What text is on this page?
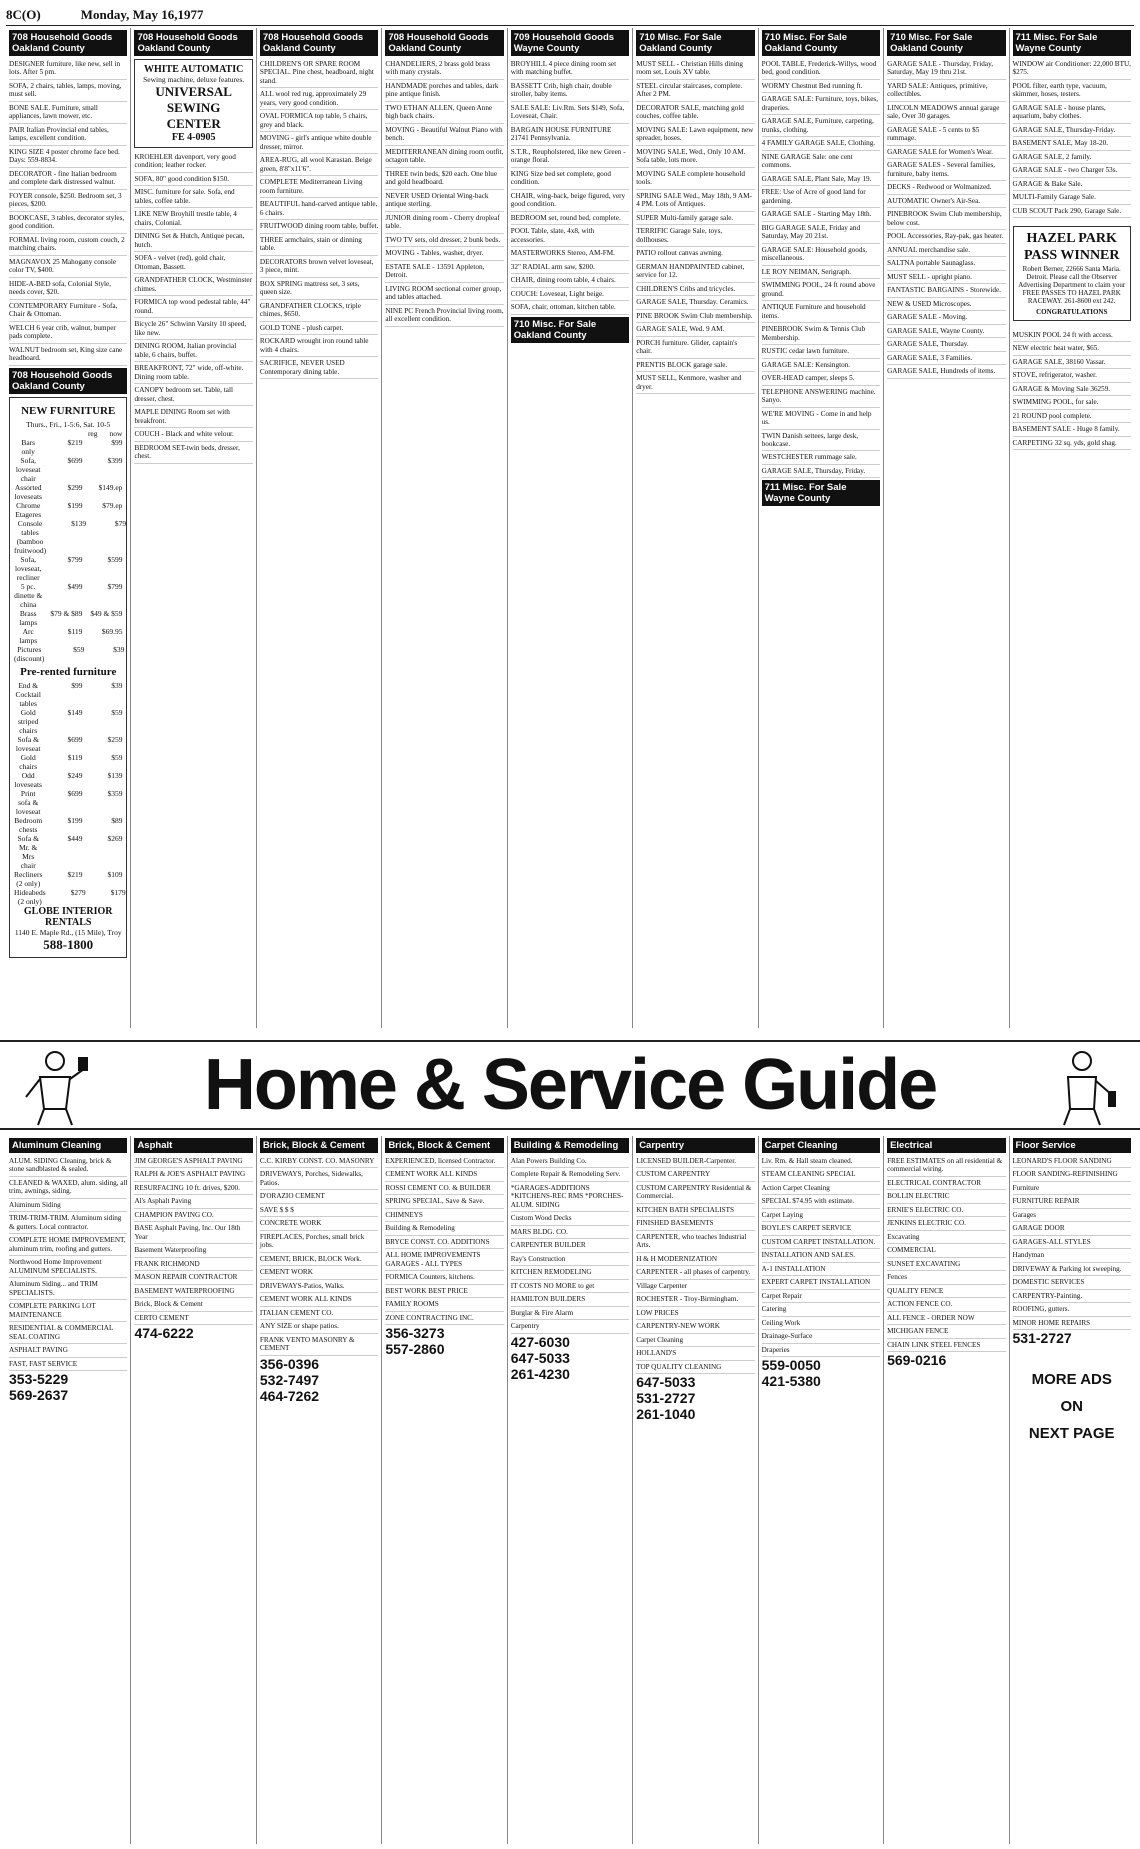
8C(O)	Monday, May 16,1977
708 Household Goods Oakland County
DESIGNER furniture, like new, sell in lots. After 5 pm.
SOFA, 2 chairs, tables, lamps, moving, must sell.
BONE SALE. Furniture, small appliances, lawn mower, etc.
PAIR Italian Provincial end tables, lamps, excellent condition.
KING SIZE 4 poster chrome face bed. Days: 559-8834.
DECORATOR - fine Italian bedroom and complete dark distressed walnut.
FOYER console, $250. Bedroom set, 3 pieces, $200.
BOOKCASE, 3 tables, decorator styles, good condition.
FORMAL living room, custom couch, 2 matching chairs.
MAGNAVOX 25 Mahogany console color TV, $400.
HIDE-A-BED sofa, Colonial Style, needs cover, $20.
CONTEMPORARY Furniture - Sofa, Chair & Ottoman.
WELCH 6 year crib, walnut, bumper pads complete.
WALNUT bedroom set, King size cane headboard.
708 Household Goods Oakland County
NEW FURNITURE
Thurs., Fri., 1-5:6, Sat. 10-5
reg now
Bars only
$219	$99
Sofa, loveseat chair
$699	$399
Assorted loveseats
$299	$149.ep
Chrome Etageres
$199	$79.ep
Console tables (bamboo fruitwood)
$139	$79
Sofa, loveseat, recliner
$799	$599
5 pc. dinette & china
$499	$799
Brass lamps
$79 & $89	$49 & $59
Arc lamps
$119	$69.95
Pictures (discount)
$59	$39
Pre-rented furniture
End & Cocktail tables
$99	$39
Gold striped chairs
$149	$59
Sofa & loveseat
$699	$259
Gold chairs
$119	$59
Odd loveseats
$249	$139
Print sofa & loveseat
$699	$359
Bedroom chests
$199	$89
Sofa & Mr. & Mrs chair
$449	$269
Recliners (2 only)
$219	$109
Hideabeds (2 only)
$279	$179
GLOBE INTERIOR RENTALS
1140 E. Maple Rd., (15 Mile), Troy
588-1800
708 Household Goods Oakland County
WHITE AUTOMATIC
Sewing machine, deluxe features.
UNIVERSAL SEWING CENTER
FE 4-0905
KROEHLER davenport, very good condition; leather rocker.
SOFA, 80" good condition $150.
MISC. furniture for sale. Sofa, end tables, coffee table.
LIKE NEW Broyhill trestle table, 4 chairs, Colonial.
DINING Set & Hutch, Antique pecan, hutch.
SOFA - velvet (red), gold chair, Ottoman, Bassett.
GRANDFATHER CLOCK, Westminster chimes.
FORMICA top wood pedestal table, 44" round.
Bicycle 26" Schwinn Varsity 10 speed, like new.
DINING ROOM, Italian provincial table, 6 chairs, buffet.
BREAKFRONT, 72" wide, off-white. Dining room table.
CANOPY bedroom set. Table, tall dresser, chest.
MAPLE DINING Room set with breakfront.
COUCH - Black and white velour.
BEDROOM SET-twin beds, dresser, chest.
708 Household Goods Oakland County
CHILDREN'S OR SPARE ROOM SPECIAL. Pine chest, headboard, night stand.
ALL wool red rug, approximately 29 years, very good condition.
OVAL FORMICA top table, 5 chairs, grey and black.
MOVING - girl's antique white double dresser, mirror.
AREA-RUG, all wool Karastan. Beige green, 8'8"x11'6".
COMPLETE Mediterranean Living room furniture.
BEAUTIFUL hand-carved antique table, 6 chairs.
FRUITWOOD dining room table, buffet.
THREE armchairs, stain or dinning table.
DECORATORS brown velvet loveseat, 3 piece, mint.
BOX SPRING mattress set, 3 sets, queen size.
GRANDFATHER CLOCKS, triple chimes, $650.
GOLD TONE - plush carpet.
ROCKARD wrought iron round table with 4 chairs.
SACRIFICE, NEVER USED Contemporary dining table.
708 Household Goods Oakland County
CHANDELIERS, 2 brass gold brass with many crystals.
HANDMADE porches and tables, dark pine antique finish.
TWO ETHAN ALLEN, Queen Anne high back chairs.
MOVING - Beautiful Walnut Piano with bench.
MEDITERRANEAN dining room outfit, octagon table.
THREE twin beds, $20 each. One blue and gold headboard.
NEVER USED Oriental Wing-back antique sterling.
JUNIOR dining room - Cherry dropleaf table.
TWO TV sets, old dresser, 2 bunk beds.
MOVING - Tables, washer, dryer.
ESTATE SALE - 13591 Appleton, Detroit.
LIVING ROOM sectional corner group, and tables attached.
NINE PC French Provincial living room, all excellent condition.
709 Household Goods Wayne County
BROYHILL 4 piece dining room set with matching buffet.
BASSETT Crib, high chair, double stroller, baby items.
SALE SALE: Liv.Rm. Sets $149, Sofa, Loveseat, Chair.
BARGAIN HOUSE FURNITURE 21741 Pennsylvania.
S.T.R., Reupholstered, like new Green - orange floral.
KING Size bed set complete, good condition.
CHAIR, wing-back, beige figured, very good condition.
BEDROOM set, round bed, complete.
POOL Table, slate, 4x8, with accessories.
MASTERWORKS Stereo, AM-FM.
32" RADIAL arm saw, $200.
CHAIR, dining room table, 4 chairs.
COUCH: Loveseat, Light beige.
SOFA, chair, ottoman, kitchen table.
710 Misc. For Sale Oakland County
710 Misc. For Sale Oakland County
MUST SELL - Christian Hills dining room set, Louis XV table.
STEEL circular staircases, complete. After 2 PM.
DECORATOR SALE, matching gold couches, coffee table.
MOVING SALE: Lawn equipment, new spreader, hoses.
MOVING SALE, Wed., Only 10 AM. Sofa table, lots more.
MOVING SALE complete household tools.
SPRING SALE Wed., May 18th, 9 AM-4 PM. Lots of Antiques.
SUPER Multi-family garage sale.
TERRIFIC Garage Sale, toys, dollhouses.
PATIO rollout canvas awning.
GERMAN HANDPAINTED cabinet, service for 12.
CHILDREN'S Cribs and tricycles.
GARAGE SALE, Thursday. Ceramics.
PINE BROOK Swim Club membership.
GARAGE SALE, Wed. 9 AM.
PORCH furniture. Glider, captain's chair.
PRENTIS BLOCK garage sale.
MUST SELL, Kenmore, washer and dryer.
710 Misc. For Sale Oakland County
POOL TABLE, Frederick-Willys, wood bed, good condition.
WORMY Chestnut Bed running ft.
GARAGE SALE: Furniture, toys, bikes, draperies.
GARAGE SALE, Furniture, carpeting, trunks, clothing.
4 FAMILY GARAGE SALE, Clothing.
NINE GARAGE Sale: one cent commons.
GARAGE SALE, Plant Sale, May 19.
FREE: Use of Acre of good land for gardening.
GARAGE SALE - Starting May 18th.
BIG GARAGE SALE, Friday and Saturday, May 20 21st.
GARAGE SALE: Household goods, miscellaneous.
LE ROY NEIMAN, Serigraph.
SWIMMING POOL, 24 ft round above ground.
ANTIQUE Furniture and household items.
PINEBROOK Swim & Tennis Club Membership.
RUSTIC cedar lawn furniture.
GARAGE SALE: Kensington.
OVER-HEAD camper, sleeps 5.
TELEPHONE ANSWERING machine. Sanyo.
WE'RE MOVING - Come in and help us.
TWIN Danish settees, large desk, bookcase.
WESTCHESTER rummage sale.
GARAGE SALE, Thursday, Friday.
711 Misc. For Sale Wayne County
710 Misc. For Sale Oakland County
GARAGE SALE - Thursday, Friday, Saturday, May 19 thru 21st.
YARD SALE: Antiques, primitive, collectibles.
LINCOLN MEADOWS annual garage sale, Over 30 garages.
GARAGE SALE - 5 cents to $5 rummage.
GARAGE SALE for Women's Wear.
GARAGE SALES - Several families, furniture, baby items.
DECKS - Redwood or Wolmanized.
AUTOMATIC Owner's Air-Sea.
PINEBROOK Swim Club membership, below cost.
POOL Accessories, Ray-pak, gas heater.
ANNUAL merchandise sale.
SALTNA portable Saunaglass.
MUST SELL - upright piano.
FANTASTIC BARGAINS - Storewide.
NEW & USED Microscopes.
GARAGE SALE - Moving.
GARAGE SALE, Wayne County.
GARAGE SALE, Thursday.
GARAGE SALE, 3 Families.
GARAGE SALE, Hundreds of items.
711 Misc. For Sale Wayne County
WINDOW air Conditioner: 22,000 BTU, $275.
POOL filter, earth type, vacuum, skimmer, hoses, testers.
GARAGE SALE - house plants, aquarium, baby clothes.
GARAGE SALE, Thursday-Friday.
BASEMENT SALE, May 18-20.
GARAGE SALE, 2 family.
GARAGE SALE - two Charger 53s.
GARAGE & Bake Sale.
MULTI-Family Garage Sale.
CUB SCOUT Pack 290, Garage Sale.
HAZEL PARK PASS WINNER
Robert Berner, 22666 Santa Maria. Detroit. Please call the Observer Advertising Department to claim your FREE PASSES TO HAZEL PARK RACEWAY. 261-8600 ext 242.
CONGRATULATIONS
MUSKIN POOL 24 ft with access.
NEW electric heat water, $65.
GARAGE SALE, 38160 Vassar.
STOVE, refrigerator, washer.
GARAGE & Moving Sale 36259.
SWIMMING POOL, for sale.
21 ROUND pool complete.
BASEMENT SALE - Huge 8 family.
CARPETING 32 sq. yds, gold shag.
Home & Service Guide
Aluminum Cleaning
ALUM. SIDING Cleaning, brick & stone sandblasted & sealed.
CLEANED & WAXED, alum. siding, all trim, awnings, siding.
Aluminum Siding
TRIM-TRIM-TRIM. Aluminum siding & gutters. Local contractor.
COMPLETE HOME IMPROVEMENT, aluminum trim, roofing and gutters.
Northwood Home Improvement ALUMINUM SPECIALISTS.
Aluminum Siding... and TRIM SPECIALISTS.
COMPLETE PARKING LOT MAINTENANCE
RESIDENTIAL & COMMERCIAL SEAL COATING
ASPHALT PAVING
FAST, FAST SERVICE
353-5229
569-2637
Asphalt
JIM GEORGE'S ASPHALT PAVING
RALPH & JOE'S ASPHALT PAVING
RESURFACING 10 ft. drives, $200.
Al's Asphalt Paving
CHAMPION PAVING CO.
BASE Asphalt Paving, Inc. Our 18th Year
Basement Waterproofing
FRANK RICHMOND
MASON REPAIR CONTRACTOR
BASEMENT WATERPROOFING
Brick, Block & Cement
CERTO CEMENT
474-6222
Brick, Block & Cement
C.C. KIRBY CONST. CO. MASONRY
DRIVEWAYS, Porches, Sidewalks, Patios.
D'ORAZIO CEMENT
SAVE $ $ $
CONCRETE WORK
FIREPLACES, Porches, small brick jobs.
CEMENT, BRICK, BLOCK Work.
CEMENT WORK
DRIVEWAYS-Patios, Walks.
CEMENT WORK ALL KINDS
ITALIAN CEMENT CO.
ANY SIZE or shape patios.
FRANK VENTO MASONRY & CEMENT
356-0396
532-7497
464-7262
Brick, Block & Cement
EXPERIENCED, licensed Contractor.
CEMENT WORK ALL KINDS
ROSSI CEMENT CO. & BUILDER
SPRING SPECIAL, Save & Save.
CHIMNEYS
Building & Remodeling
BRYCE CONST. CO. ADDITIONS
ALL HOME IMPROVEMENTS GARAGES - ALL TYPES
FORMICA Counters, kitchens.
BEST WORK BEST PRICE
FAMILY ROOMS
ZONE CONTRACTING INC.
356-3273
557-2860
Building & Remodeling
Alan Powers Building Co.
Complete Repair & Remodeling Serv.
*GARAGES-ADDITIONS *KITCHENS-REC RMS *PORCHES-ALUM. SIDING
Custom Wood Decks
MARS BLDG. CO.
CARPENTER BUILDER
Ray's Construction
KITCHEN REMODELING
IT COSTS NO MORE to get
HAMILTON BUILDERS
Burglar & Fire Alarm
Carpentry
427-6030
647-5033
261-4230
Carpentry
LICENSED BUILDER-Carpenter.
CUSTOM CARPENTRY
CUSTOM CARPENTRY Residential & Commercial.
KITCHEN BATH SPECIALISTS
FINISHED BASEMENTS
CARPENTER, who teaches Industrial Arts.
H & H MODERNIZATION
CARPENTER - all phases of carpentry.
Village Carpenter
ROCHESTER - Troy-Birmingham.
LOW PRICES
CARPENTRY-NEW WORK
Carpet Cleaning
HOLLAND'S
TOP QUALITY CLEANING
647-5033
531-2727
261-1040
Carpet Cleaning
Liv. Rm. & Hall steam cleaned.
STEAM CLEANING SPECIAL
Action Carpet Cleaning
SPECIAL $74.95 with estimate.
Carpet Laying
BOYLE'S CARPET SERVICE
CUSTOM CARPET INSTALLATION.
INSTALLATION AND SALES.
A-1 INSTALLATION
EXPERT CARPET INSTALLATION
Carpet Repair
Catering
Ceiling Work
Drainage-Surface
Draperies
559-0050
421-5380
Electrical
FREE ESTIMATES on all residential & commercial wiring.
ELECTRICAL CONTRACTOR
BOLLIN ELECTRIC
ERNIE'S ELECTRIC CO.
JENKINS ELECTRIC CO.
Excavating
COMMERCIAL
SUNSET EXCAVATING
Fences
QUALITY FENCE
ACTION FENCE CO.
ALL FENCE - ORDER NOW
MICHIGAN FENCE
CHAIN LINK STEEL FENCES
569-0216
Floor Service
LEONARD'S FLOOR SANDING
FLOOR SANDING-REFINISHING
Furniture
FURNITURE REPAIR
Garages
GARAGE DOOR
GARAGES-ALL STYLES
Handyman
DRIVEWAY & Parking lot sweeping.
DOMESTIC SERVICES
CARPENTRY-Painting.
ROOFING, gutters.
MINOR HOME REPAIRS
531-2727
MORE ADS
ON
NEXT PAGE
